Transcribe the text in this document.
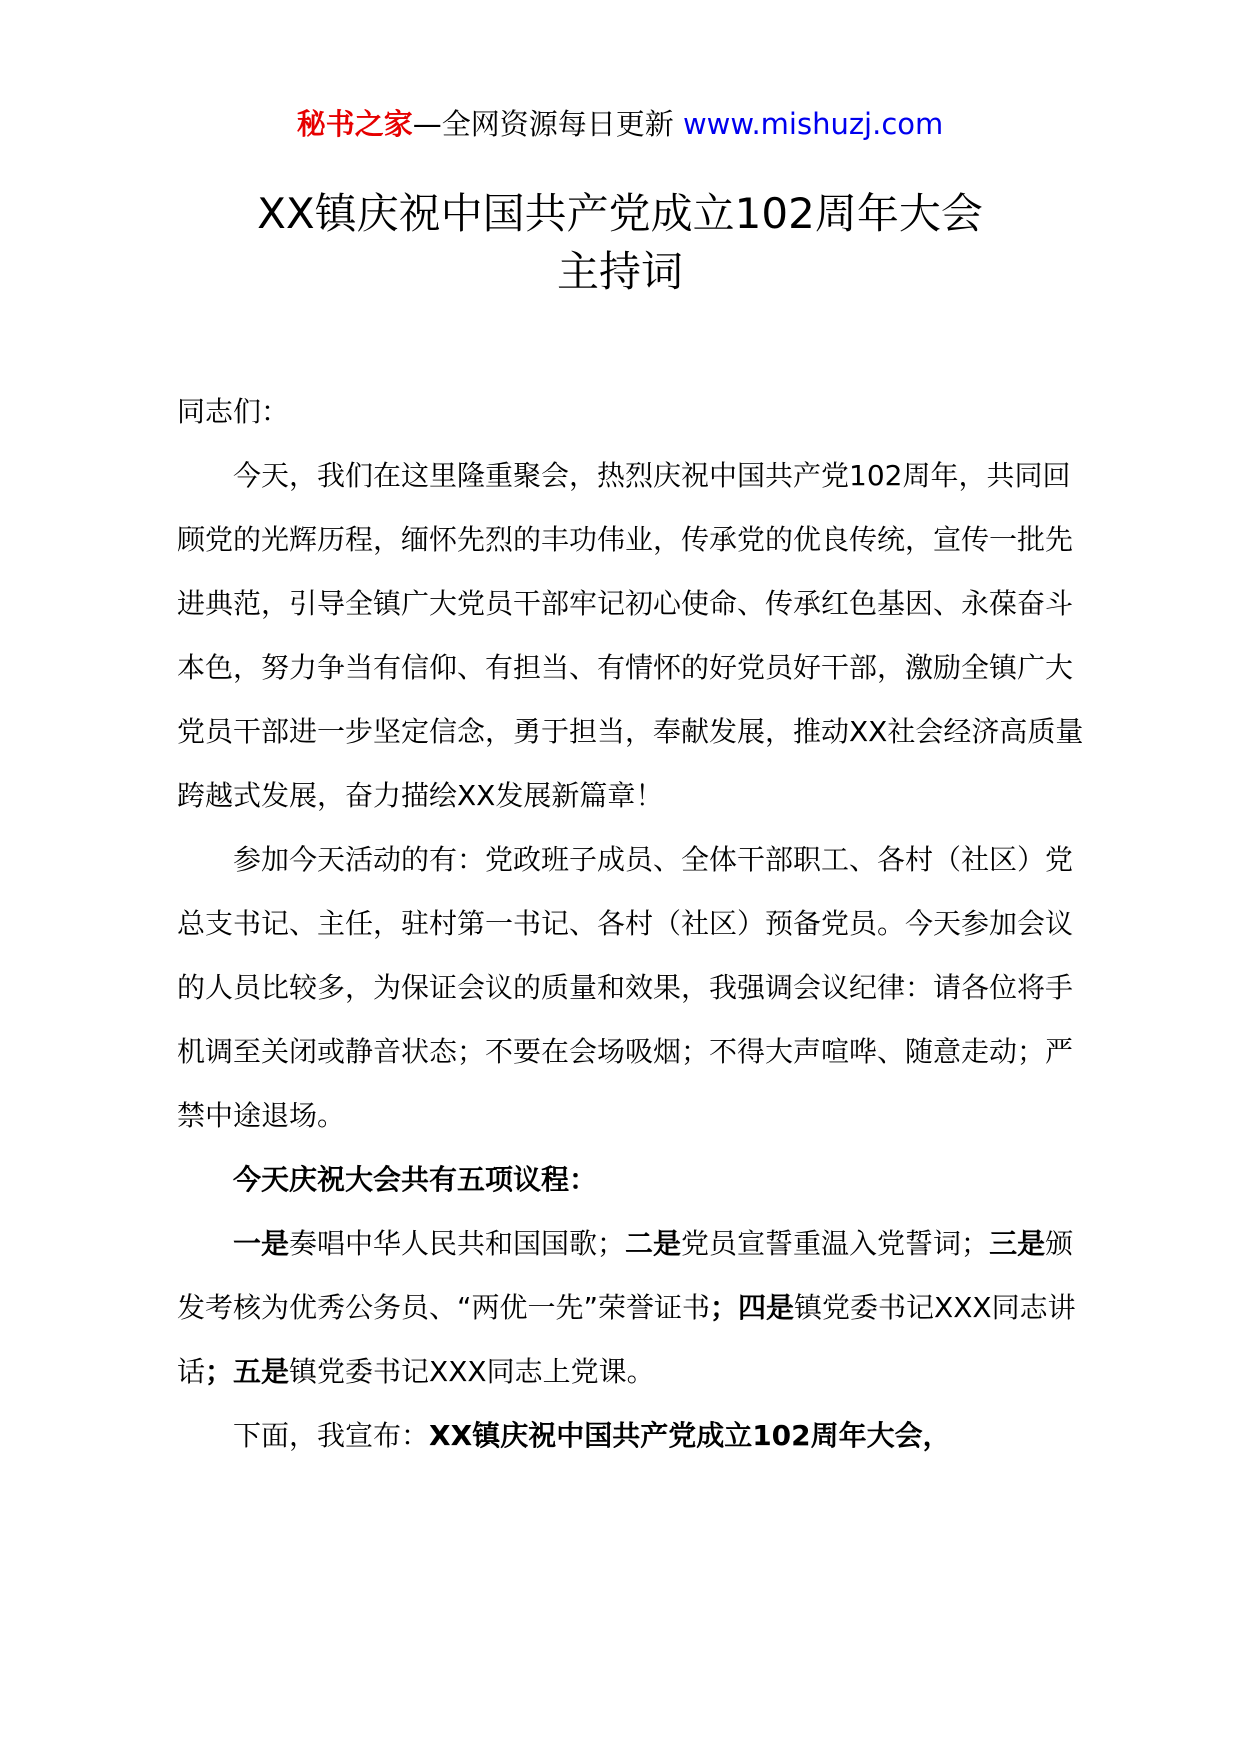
秘书之家—全网资源每日更新 www.mishuzj.com
XX镇庆祝中国共产党成立102周年大会
主持词

同志们：

今天，我们在这里隆重聚会，热烈庆祝中国共产党102周年，共同回顾党的光辉历程，缅怀先烈的丰功伟业，传承党的优良传统，宣传一批先进典范，引导全镇广大党员干部牢记初心使命、传承红色基因、永葆奋斗本色，努力争当有信仰、有担当、有情怀的好党员好干部，激励全镇广大党员干部进一步坚定信念，勇于担当，奉献发展，推动XX社会经济高质量跨越式发展，奋力描绘XX发展新篇章！

参加今天活动的有：党政班子成员、全体干部职工、各村（社区）党总支书记、主任，驻村第一书记、各村（社区）预备党员。今天参加会议的人员比较多，为保证会议的质量和效果，我强调会议纪律：请各位将手机调至关闭或静音状态；不要在会场吸烟；不得大声喧哗、随意走动；严禁中途退场。

今天庆祝大会共有五项议程：

一是奏唱中华人民共和国国歌；二是党员宣誓重温入党誓词；三是颁发考核为优秀公务员、“两优一先”荣誉证书；四是镇党委书记XXX同志讲话；五是镇党委书记XXX同志上党课。

下面，我宣布：XX镇庆祝中国共产党成立102周年大会，
